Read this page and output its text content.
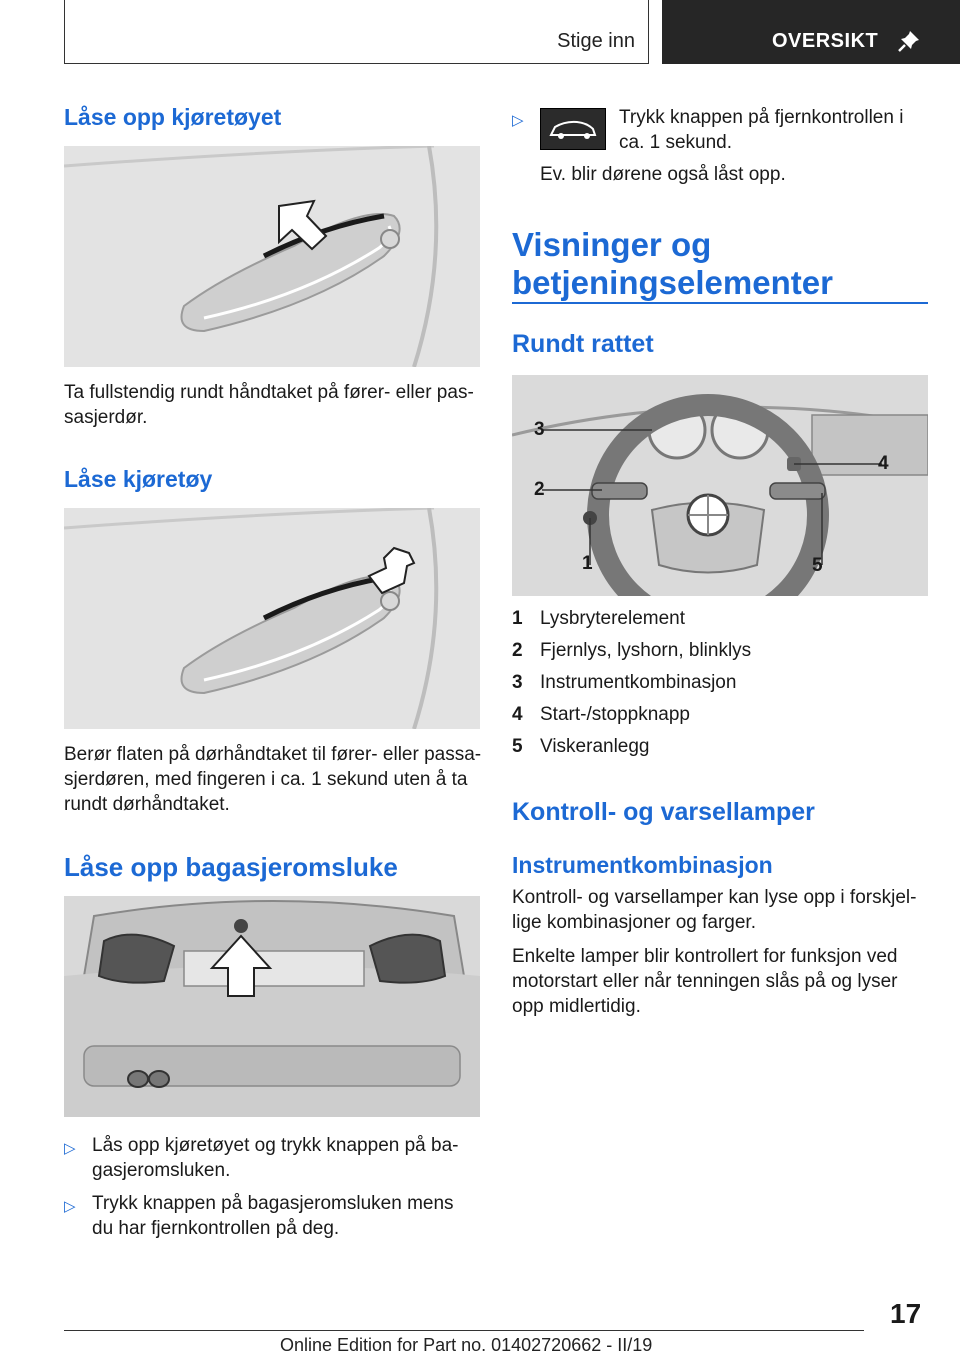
Stige inn	OVERSIKT
Låse opp kjøretøyet
Ta fullstendig rundt håndtaket på fører- eller pas-
sasjerdør.
Låse kjøretøy
Berør flaten på dørhåndtaket til fører- eller passa-
sjerdøren, med fingeren i ca. 1 sekund uten å ta
rundt dørhåndtaket.
Låse opp bagasjeromsluke
▷ Lås opp kjøretøyet og trykk knappen på ba-
gasjeromsluken.
▷ Trykk knappen på bagasjeromsluken mens
du har fjernkontrollen på deg.
▷	Trykk knappen på fjernkontrollen i
ca. 1 sekund.
Ev. blir dørene også låst opp.
Visninger og
betjeningselementer
Rundt rattet
3
2
1
4
5
1 Lysbryterelement
2 Fjernlys, lyshorn, blinklys
3 Instrumentkombinasjon
4 Start-/stoppknapp
5 Viskeranlegg
Kontroll- og varsellamper
Instrumentkombinasjon
Kontroll- og varsellamper kan lyse opp i forskjel-
lige kombinasjoner og farger.
Enkelte lamper blir kontrollert for funksjon ved
motorstart eller når tenningen slås på og lyser
opp midlertidig.
17
Online Edition for Part no. 01402720662 - II/19
